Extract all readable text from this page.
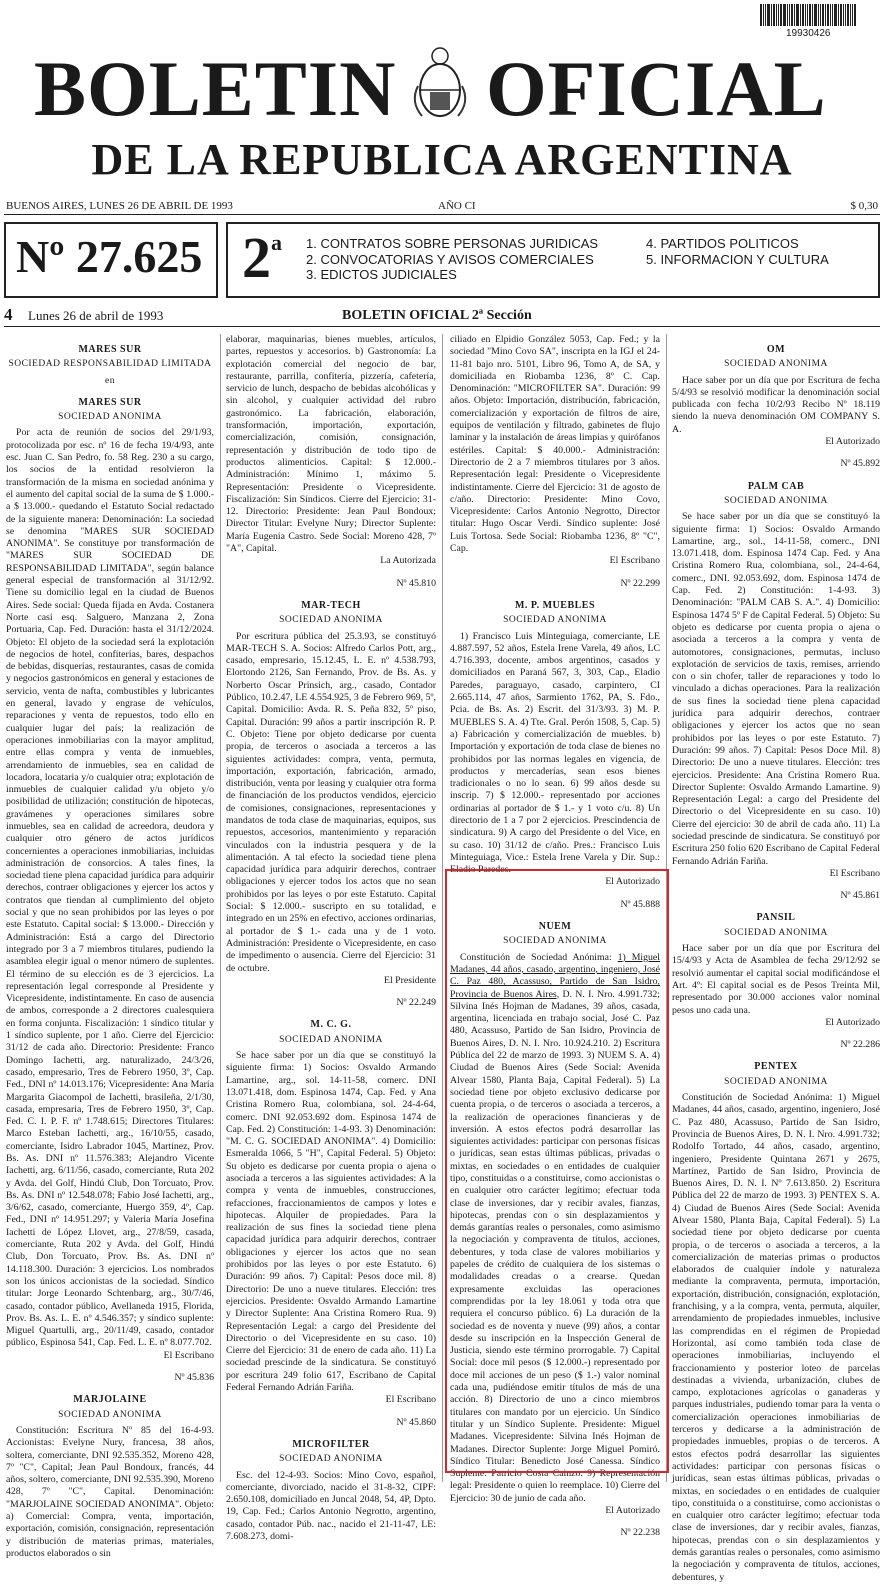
19930426
BOLETIN OFICIAL
DE LA REPUBLICA ARGENTINA
BUENOS AIRES, LUNES 26 DE ABRIL DE 1993	AÑO CI	$ 0,30
Nº 27.625 2$^a$ 1. CONTRATOS SOBRE PERSONAS JURIDICAS
2. CONVOCATORIAS Y AVISOS COMERCIALES
3. EDICTOS JUDICIALES
4. PARTIDOS POLITICOS
5. INFORMACION Y CULTURA
4 Lunes 26 de abril de 1993	BOLETIN OFICIAL 2ª Sección

MARES SUR

SOCIEDAD RESPONSABILIDAD LIMITADA

en

MARES SUR

SOCIEDAD ANONIMA

Por acta de reunión de socios del 29/1/93, protocolizada por esc. nº 16 de fecha 19/4/93, ante esc. Juan C. San Pedro, fo. 58 Reg. 230 a su cargo, los socios de la entidad resolvieron la transformación de la misma en sociedad anónima y el aumento del capital social de la suma de $ 1.000.- a $ 13.000.- quedando el Estatuto Social redactado de la siguiente manera: Denominación: La sociedad se denomina "MARES SUR SOCIEDAD ANONIMA". Se constituye por transformación de "MARES SUR SOCIEDAD DE RESPONSABILIDAD LIMITADA", según balance general especial de transformación al 31/12/92. Tiene su domicilio legal en la ciudad de Buenos Aires. Sede social: Queda fijada en Avda. Costanera Norte casi esq. Salguero, Manzana 2, Zona Portuaria, Cap. Fed. Duración: hasta el 31/12/2024. Objeto: El objeto de la sociedad será la explotación de negocios de hotel, confiterías, bares, despachos de bebidas, disquerías, restaurantes, casas de comida y negocios gastronómicos en general y estaciones de servicio, venta de nafta, combustibles y lubricantes en general, lavado y engrase de vehículos, reparaciones y venta de repuestos, todo ello en cualquier lugar del país; la realización de operaciones inmobiliarias con la mayor amplitud, entre ellas compra y venta de inmuebles, arrendamiento de inmuebles, sea en calidad de locadora, locataria y/o cualquier otra; explotación de inmuebles de cualquier calidad y/u objeto y/o posibilidad de utilización; constitución de hipotecas, gravámenes y operaciones similares sobre inmuebles, sea en calidad de acreedora, deudora y cualquier otro género de actos jurídicos concernientes a operaciones inmobiliarias, incluidas administración de consorcios. A tales fines, la sociedad tiene plena capacidad jurídica para adquirir derechos, contraer obligaciones y ejercer los actos y contratos que tiendan al cumplimiento del objeto social y que no sean prohibidos por las leyes o por este Estatuto. Capital social: $ 13.000.- Dirección y Administración: Está a cargo del Directorio integrado por 3 a 7 miembros titulares, pudiendo la asamblea elegir igual o menor número de suplentes. El término de su elección es de 3 ejercicios. La representación legal corresponde al Presidente y Vicepresidente, indistintamente. En caso de ausencia de ambos, corresponde a 2 directores cualesquiera en forma conjunta. Fiscalización: 1 síndico titular y 1 síndico suplente, por 1 año. Cierre del Ejercicio: 31/12 de cada año. Directorio: Presidente: Franco Domingo Iachetti, arg. naturalizado, 24/3/26, casado, empresario, Tres de Febrero 1950, 3º, Cap. Fed., DNI nº 14.013.176; Vicepresidente: Ana María Margarita Giacompol de Iachetti, brasileña, 2/1/30, casada, empresaria, Tres de Febrero 1950, 3º, Cap. Fed. C. I. P. F. nº 1.748.615; Directores Titulares: Marco Esteban Iachetti, arg., 16/10/55, casado, comerciante, Isidro Labrador 1045, Martínez, Prov. Bs. As. DNI nº 11.576.383; Alejandro Vicente Iachetti, arg. 6/11/56, casado, comerciante, Ruta 202 y Avda. del Golf, Hindú Club, Don Torcuato, Prov. Bs. As. DNI nº 12.548.078; Fabio José Iachetti, arg., 3/6/62, casado, comerciante, Huergo 359, 4º, Cap. Fed., DNI nº 14.951.297; y Valeria María Josefina Iachetti de López Llovet, arg., 27/8/59, casada, comerciante, Ruta 202 y Avda. del Golf, Hindú Club, Don Torcuato, Prov. Bs. As. DNI nº 14.118.300. Duración: 3 ejercicios. Los nombrados son los únicos accionistas de la sociedad. Síndico titular: Jorge Leonardo Schtenbarg, arg., 30/7/46, casado, contador público, Avellaneda 1915, Florida, Prov. Bs. As. L. E. nº 4.546.357; y síndico suplente: Miguel Quartulli, arg., 20/11/49, casado, contador público, Espinosa 541, Cap. Fed. L. E. nº 8.077.702.

El Escribano

Nº 45.836

MARJOLAINE

SOCIEDAD ANONIMA

Constitución: Escritura Nº 85 del 16-4-93. Accionistas: Evelyne Nury, francesa, 38 años, soltera, comerciante, DNI 92.535.352, Moreno 428, 7º "C", Capital; Jean Paul Bondoux, francés, 44 años, soltero, comerciante, DNI 92.535.390, Moreno 428, 7º "C", Capital. Denominación: "MARJOLAINE SOCIEDAD ANONIMA". Objeto: a) Comercial: Compra, venta, importación, exportación, comisión, consignación, representación y distribución de materias primas, materiales, productos elaborados o sin

elaborar, maquinarias, bienes muebles, artículos, partes, repuestos y accesorios. b) Gastronomía: La explotación comercial del negocio de bar, restaurante, parrilla, confitería, pizzería, cafetería, servicio de lunch, despacho de bebidas alcohólicas y sin alcohol, y cualquier actividad del rubro gastronómico. La fabricación, elaboración, transformación, importación, exportación, comercialización, comisión, consignación, representación y distribución de todo tipo de productos alimenticios. Capital: $ 12.000.- Administración: Mínimo 1, máximo 5. Representación: Presidente o Vicepresidente. Fiscalización: Sin Síndicos. Cierre del Ejercicio: 31-12. Directorio: Presidente: Jean Paul Bondoux; Director Titular: Evelyne Nury; Director Suplente: María Eugenia Castro. Sede Social: Moreno 428, 7º "A", Capital.

La Autorizada

Nº 45.810

MAR-TECH

SOCIEDAD ANONIMA

Por escritura pública del 25.3.93, se constituyó MAR-TECH S. A. Socios: Alfredo Carlos Pott, arg., casado, empresario, 15.12.45, L. E. nº 4.538.793, Elortondo 2126, San Fernando, Prov. de Bs. As. y Norberto Oscar Prinsich, arg., casado, Contador Público, 10.2.47, LE 4.554.925, 3 de Febrero 969, 5º, Capital. Domicilio: Avda. R. S. Peña 832, 5º piso, Capital. Duración: 99 años a partir inscripción R. P. C. Objeto: Tiene por objeto dedicarse por cuenta propia, de terceros o asociada a terceros a las siguientes actividades: compra, venta, permuta, importación, exportación, fabricación, armado, distribución, venta por leasing y cualquier otra forma de financiación de los productos vendidos, ejercicio de comisiones, consignaciones, representaciones y mandatos de toda clase de maquinarias, equipos, sus repuestos, accesorios, mantenimiento y reparación vinculados con la industria pesquera y de la alimentación. A tal efecto la sociedad tiene plena capacidad jurídica para adquirir derechos, contraer obligaciones y ejercer todos los actos que no sean prohibidos por las leyes o por este Estatuto. Capital Social: $ 12.000.- suscripto en su totalidad, e integrado en un 25% en efectivo, acciones ordinarias, al portador de $ 1.- cada una y de 1 voto. Administración: Presidente o Vicepresidente, en caso de impedimento o ausencia. Cierre del Ejercicio: 31 de octubre.

El Presidente

Nº 22.249

M. C. G.

SOCIEDAD ANONIMA

Se hace saber por un día que se constituyó la siguiente firma: 1) Socios: Osvaldo Armando Lamartine, arg., sol. 14-11-58, comerc. DNI 13.071.418, dom. Espinosa 1474, Cap. Fed. y Ana Cristina Romero Rua, colombiana, sol. 24-4-64, comerc. DNI 92.053.692 dom. Espinosa 1474 de Cap. Fed. 2) Constitución: 1-4-93. 3) Denominación: "M. C. G. SOCIEDAD ANONIMA". 4) Domicilio: Esmeralda 1066, 5 "H", Capital Federal. 5) Objeto: Su objeto es dedicarse por cuenta propia o ajena o asociada a terceros a las siguientes actividades: A la compra y venta de inmuebles, construcciones, refacciones, fraccionamientos de campos y lotes e hipotecas. Alquiler de propiedades. Para la realización de sus fines la sociedad tiene plena capacidad jurídica para adquirir derechos, contraer obligaciones y ejercer los actos que no sean prohibidos por las leyes o por este Estatuto. 6) Duración: 99 años. 7) Capital: Pesos doce mil. 8) Directorio: De uno a nueve titulares. Elección: tres ejercicios. Presidente: Osvaldo Armando Lamartine y Director Suplente: Ana Cristina Romero Rua. 9) Representación Legal: a cargo del Presidente del Directorio o del Vicepresidente en su caso. 10) Cierre del Ejercicio: 31 de enero de cada año. 11) La sociedad prescinde de la sindicatura. Se constituyó por escritura 249 folio 617, Escribano de Capital Federal Fernando Adrián Fariña.

El Escribano

Nº 45.860

MICROFILTER

SOCIEDAD ANONIMA

Esc. del 12-4-93. Socios: Mino Covo, español, comerciante, divorciado, nacido el 31-8-32, CIPF: 2.650.108, domiciliado en Juncal 2048, 54, 4P, Dpto. 19, Cap. Fed.; Carlos Antonio Negrotto, argentino, casado, contador Púb. nac., nacido el 21-11-47, LE: 7.608.273, domi-

ciliado en Elpidio González 5053, Cap. Fed.; y la sociedad "Mino Covo SA", inscripta en la IGJ el 24-11-81 bajo nro. 5101, Libro 96, Tomo A, de SA, y domiciliada en Riobamba 1236, 8º C. Cap. Denominación: "MICROFILTER SA". Duración: 99 años. Objeto: Importación, distribución, fabricación, comercialización y exportación de filtros de aire, equipos de ventilación y filtrado, gabinetes de flujo laminar y la instalación de áreas limpias y quirófanos estériles. Capital: $ 40.000.- Administración: Directorio de 2 a 7 miembros titulares por 3 años. Representación legal: Presidente o Vicepresidente indistintamente. Cierre del Ejercicio: 31 de agosto de c/año. Directorio: Presidente: Mino Covo, Vicepresidente: Carlos Antonio Negrotto, Director titular: Hugo Oscar Verdi. Síndico suplente: José Luis Tortosa. Sede Social: Riobamba 1236, 8º "C", Cap.

El Escribano

Nº 22.299

M. P. MUEBLES

SOCIEDAD ANONIMA

1) Francisco Luis Minteguiaga, comerciante, LE 4.887.597, 52 años, Estela Irene Varela, 49 años, LC 4.716.393, docente, ambos argentinos, casados y domiciliados en Paraná 567, 3, 303, Cap., Eladio Paredes, paraguayo, casado, carpintero, CI 2.665.114, 47 años, Sarmiento 1762, PA, S. Fdo., Pcia. de Bs. As. 2) Escrit. del 31/3/93. 3) M. P. MUEBLES S. A. 4) Tte. Gral. Perón 1508, 5, Cap. 5) a) Fabricación y comercialización de muebles. b) Importación y exportación de toda clase de bienes no prohibidos por las normas legales en vigencia, de productos y mercaderías, sean esos bienes tradicionales o no lo sean. 6) 99 años desde su inscrip. 7) $ 12.000.- representado por acciones ordinarias al portador de $ 1.- y 1 voto c/u. 8) Un directorio de 1 a 7 por 2 ejercicios. Prescindencia de sindicatura. 9) A cargo del Presidente o del Vice, en su caso. 10) 31/12 de c/año. Pres.: Francisco Luis Minteguiaga, Vice.: Estela Irene Varela y Dir. Sup.: Eladio Paredes.

El Autorizado

Nº 45.888

NUEM

SOCIEDAD ANONIMA

Constitución de Sociedad Anónima: 1) Miguel Madanes, 44 años, casado, argentino, ingeniero, José C. Paz 480, Acassuso, Partido de San Isidro, Provincia de Buenos Aires, D. N. I. Nro. 4.991.732; Silvina Inés Hojman de Madanes, 39 años, casada, argentina, licenciada en trabajo social, José C. Paz 480, Acassuso, Partido de San Isidro, Provincia de Buenos Aires, D. N. I. Nro. 10.924.210. 2) Escritura Pública del 22 de marzo de 1993. 3) NUEM S. A. 4) Ciudad de Buenos Aires (Sede Social: Avenida Alvear 1580, Planta Baja, Capital Federal). 5) La sociedad tiene por objeto exclusivo dedicarse por cuenta propia, o de terceros o asociada a terceros, a la realización de operaciones financieras y de inversión. A estos efectos podrá desarrollar las siguientes actividades: participar con personas físicas o jurídicas, sean estas últimas públicas, privadas o mixtas, en sociedades o en entidades de cualquier tipo, constituidas o a constituirse, como accionistas o en cualquier otro carácter legítimo; efectuar toda clase de inversiones, dar y recibir avales, fianzas, hipotecas, prendas con o sin desplazamientos y demás garantías reales o personales, como asimismo la negociación y compraventa de títulos, acciones, debentures, y toda clase de valores mobiliarios y papeles de crédito de cualquiera de los sistemas o modalidades creadas o a crearse. Quedan expresamente excluidas las operaciones comprendidas por la ley 18.061 y toda otra que requiera el concurso público. 6) La duración de la sociedad es de noventa y nueve (99) años, a contar desde su inscripción en la Inspección General de Justicia, siendo este término prorrogable. 7) Capital Social: doce mil pesos ($ 12.000.-) representado por doce mil acciones de un peso ($ 1.-) valor nominal cada una, pudiéndose emitir títulos de más de una acción. 8) Directorio de uno a cinco miembros titulares con mandato por un ejercicio. Un Síndico titular y un Síndico Suplente. Presidente: Miguel Madanes. Vicepresidente: Silvina Inés Hojman de Madanes. Director Suplente: Jorge Miguel Pomiró. Síndico Titular: Benedicto José Canessa. Síndico Suplente: Patricio Costa Cainzo. 9) Representación legal: Presidente o quien lo reemplace. 10) Cierre del Ejercicio: 30 de junio de cada año.

El Autorizado

Nº 22.238

OM

SOCIEDAD ANONIMA

Hace saber por un día que por Escritura de fecha 5/4/93 se resolvió modificar la denominación social publicada con fecha 10/2/93 Recibo Nº 18.119 siendo la nueva denominación OM COMPANY S. A.

El Autorizado

Nº 45.892

PALM CAB

SOCIEDAD ANONIMA

Se hace saber por un día que se constituyó la siguiente firma: 1) Socios: Osvaldo Armando Lamartine, arg., sol., 14-11-58, comerc., DNI 13.071.418, dom. Espinosa 1474 Cap. Fed. y Ana Cristina Romero Rua, colombiana, sol., 24-4-64, comerc., DNI. 92.053.692, dom. Espinosa 1474 de Cap. Fed. 2) Constitución: 1-4-93. 3) Denominación: "PALM CAB S. A.". 4) Domicilio: Espinosa 1474 5º F de Capital Federal. 5) Objeto: Su objeto es dedicarse por cuenta propia o ajena o asociada a terceros a la compra y venta de automotores, consignaciones, permutas, incluso explotación de servicios de taxis, remises, arriendo con o sin chofer, taller de reparaciones y todo lo vinculado a dichas operaciones. Para la realización de sus fines la sociedad tiene plena capacidad jurídica para adquirir derechos, contraer obligaciones y ejercer los actos que no sean prohibidos por las leyes o por este Estatuto. 7) Duración: 99 años. 7) Capital: Pesos Doce Mil. 8) Directorio: De uno a nueve titulares. Elección: tres ejercicios. Presidente: Ana Cristina Romero Rua. Director Suplente: Osvaldo Armando Lamartine. 9) Representación Legal: a cargo del Presidente del Directorio o del Vicepresidente en su caso. 10) Cierre del ejercicio: 30 de abril de cada año. 11) La sociedad prescinde de sindicatura. Se constituyó por Escritura 250 folio 620 Escribano de Capital Federal Fernando Adrián Fariña.

El Escribano

Nº 45.861

PANSIL

SOCIEDAD ANONIMA

Hace saber por un día que por Escritura del 15/4/93 y Acta de Asamblea de fecha 29/12/92 se resolvió aumentar el capital social modificándose el Art. 4º: El capital social es de Pesos Treinta Mil, representado por 30.000 acciones valor nominal pesos uno cada una.

El Autorizado

Nº 22.286

PENTEX

SOCIEDAD ANONIMA

Constitución de Sociedad Anónima: 1) Miguel Madanes, 44 años, casado, argentino, ingeniero, José C. Paz 480, Acassuso, Partido de San Isidro, Provincia de Buenos Aires, D. N. I. Nro. 4.991.732; Rodolfo Tortado, 44 años, casado, argentino, ingeniero, Presidente Quintana 2671 y 2675, Martínez, Partido de San Isidro, Provincia de Buenos Aires, D. N. I. Nº 7.613.850. 2) Escritura Pública del 22 de marzo de 1993. 3) PENTEX S. A. 4) Ciudad de Buenos Aires (Sede Social: Avenida Alvear 1580, Planta Baja, Capital Federal). 5) La sociedad tiene por objeto dedicarse por cuenta propia, o de terceros o asociada a terceros, a la comercialización de materias primas o productos elaborados de cualquier índole y naturaleza mediante la compraventa, permuta, importación, exportación, distribución, consignación, explotación, franchising, y a la compra, venta, permuta, alquiler, arrendamiento de propiedades inmuebles, inclusive las comprendidas en el régimen de Propiedad Horizontal, así como también toda clase de operaciones inmobiliarias, incluyendo el fraccionamiento y posterior loteo de parcelas destinadas a vivienda, urbanización, clubes de campo, explotaciones agrícolas o ganaderas y parques industriales, pudiendo tomar para la venta o comercialización operaciones inmobiliarias de terceros y dedicarse a la administración de propiedades inmuebles, propias o de terceros. A estos efectos podrá desarrollar las siguientes actividades: participar con personas físicas o jurídicas, sean estas últimas públicas, privadas o mixtas, en sociedades o en entidades de cualquier tipo, constituida o a constituirse, como accionistas o en cualquier otro carácter legítimo; efectuar toda clase de inversiones, dar y recibir avales, fianzas, hipotecas, prendas con o sin desplazamientos y demás garantías reales o personales, como asimismo la negociación y compraventa de títulos, acciones, debentures, y
